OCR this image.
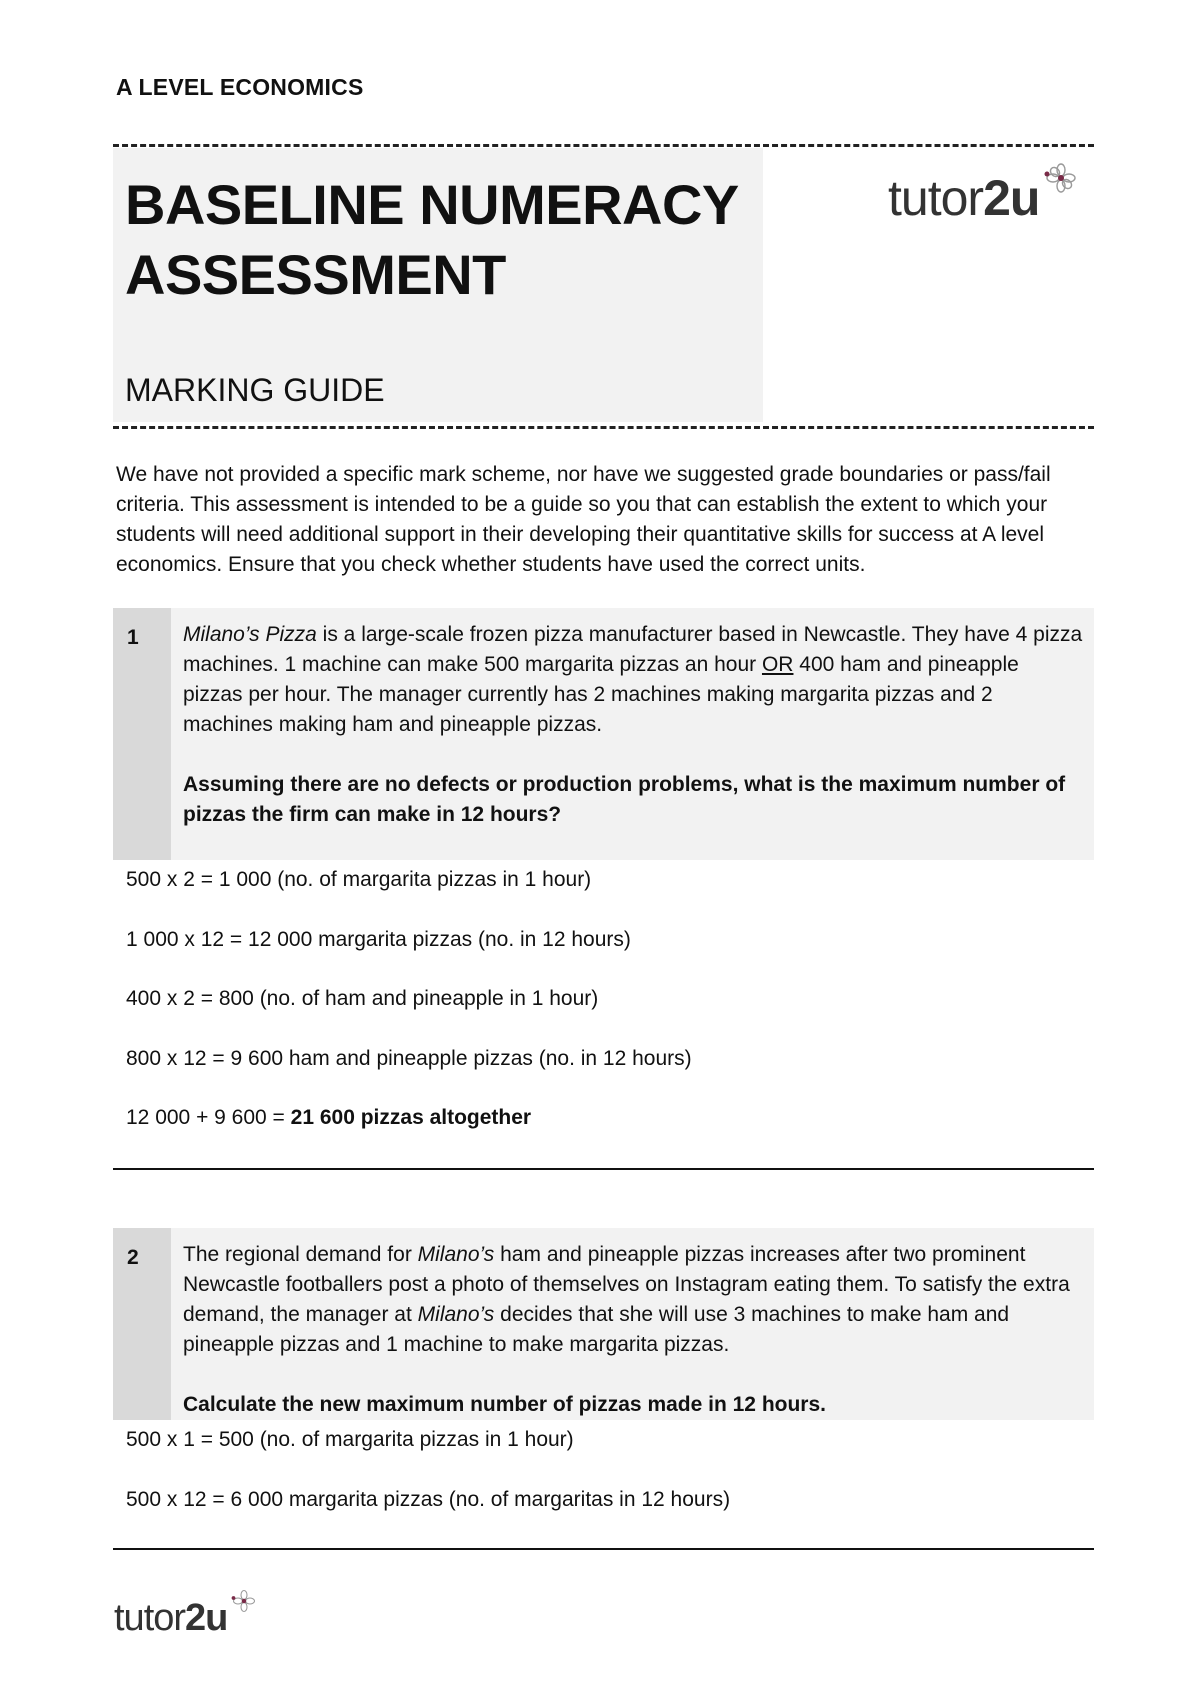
A LEVEL ECONOMICS
BASELINE NUMERACY
ASSESSMENT
MARKING GUIDE
tutor2u

We have not provided a specific mark scheme, nor have we suggested grade boundaries or pass/fail criteria. This assessment is intended to be a guide so you that can establish the extent to which your students will need additional support in their developing their quantitative skills for success at A level economics. Ensure that you check whether students have used the correct units.

1 Milano’s Pizza is a large-scale frozen pizza manufacturer based in Newcastle. They have 4 pizza machines. 1 machine can make 500 margarita pizzas an hour OR 400 ham and pineapple pizzas per hour. The manager currently has 2 machines making margarita pizzas and 2 machines making ham and pineapple pizzas.

Assuming there are no defects or production problems, what is the maximum number of pizzas the firm can make in 12 hours?

500 x 2 = 1 000 (no. of margarita pizzas in 1 hour)
1 000 x 12 = 12 000 margarita pizzas (no. in 12 hours)
400 x 2 = 800 (no. of ham and pineapple in 1 hour)
800 x 12 = 9 600 ham and pineapple pizzas (no. in 12 hours)
12 000 + 9 600 = 21 600 pizzas altogether
2 The regional demand for Milano’s ham and pineapple pizzas increases after two prominent Newcastle footballers post a photo of themselves on Instagram eating them. To satisfy the extra demand, the manager at Milano’s decides that she will use 3 machines to make ham and pineapple pizzas and 1 machine to make margarita pizzas.

Calculate the new maximum number of pizzas made in 12 hours.

500 x 1 = 500 (no. of margarita pizzas in 1 hour)
500 x 12 = 6 000 margarita pizzas (no. of margaritas in 12 hours)
tutor2u
